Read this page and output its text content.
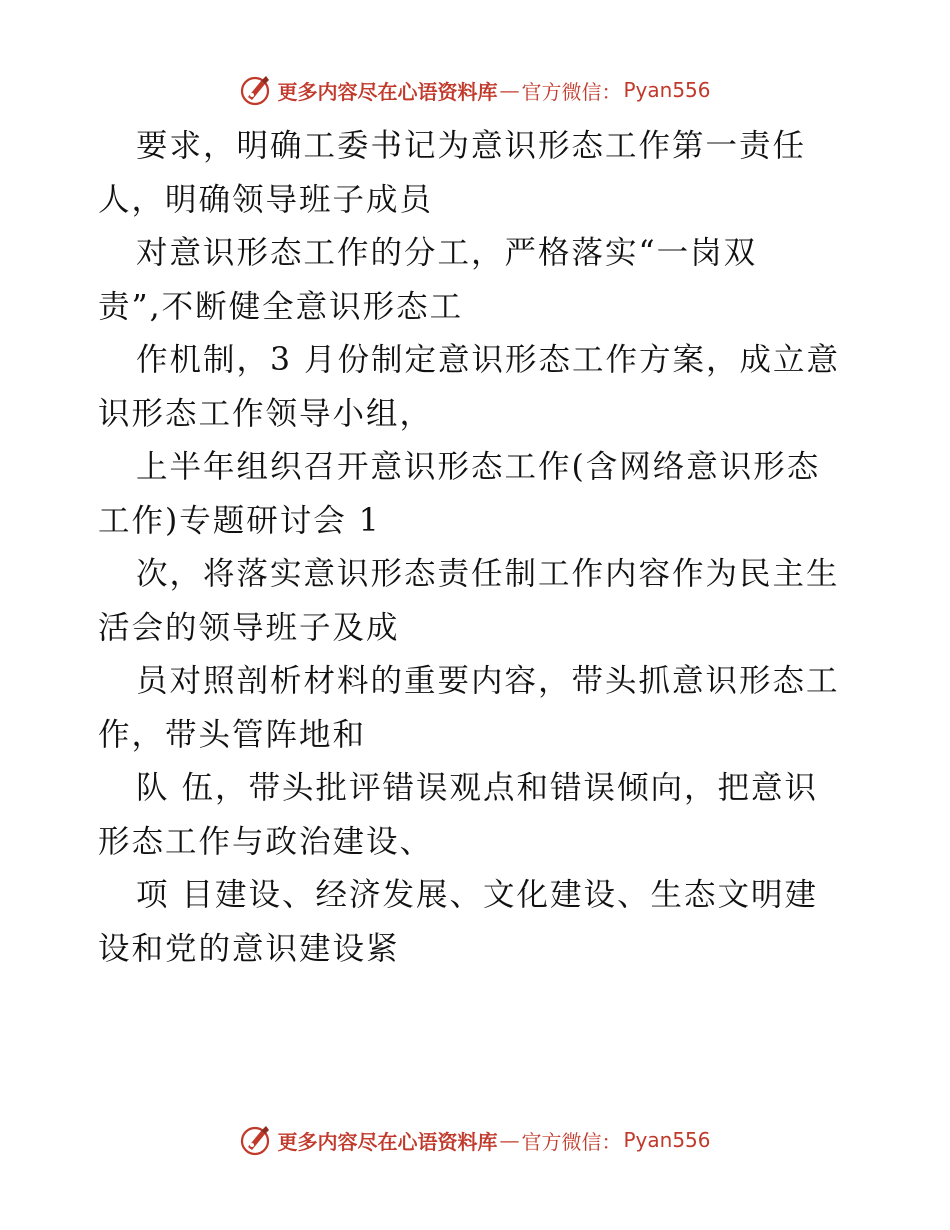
更多内容尽在心语资料库 — 官方微信： Pyan556

要求，明确工委书记为意识形态工作第一责任
人，明确领导班子成员

对意识形态工作的分工，严格落实“一岗双
责”,不断健全意识形态工

作机制，3 月份制定意识形态工作方案，成立意
识形态工作领导小组，

上半年组织召开意识形态工作(含网络意识形态
工作)专题研讨会 1

次，将落实意识形态责任制工作内容作为民主生
活会的领导班子及成

员对照剖析材料的重要内容，带头抓意识形态工
作，带头管阵地和

队 伍，带头批评错误观点和错误倾向，把意识
形态工作与政治建设、

项 目建设、经济发展、文化建设、生态文明建
设和党的意识建设紧

更多内容尽在心语资料库 — 官方微信： Pyan556
